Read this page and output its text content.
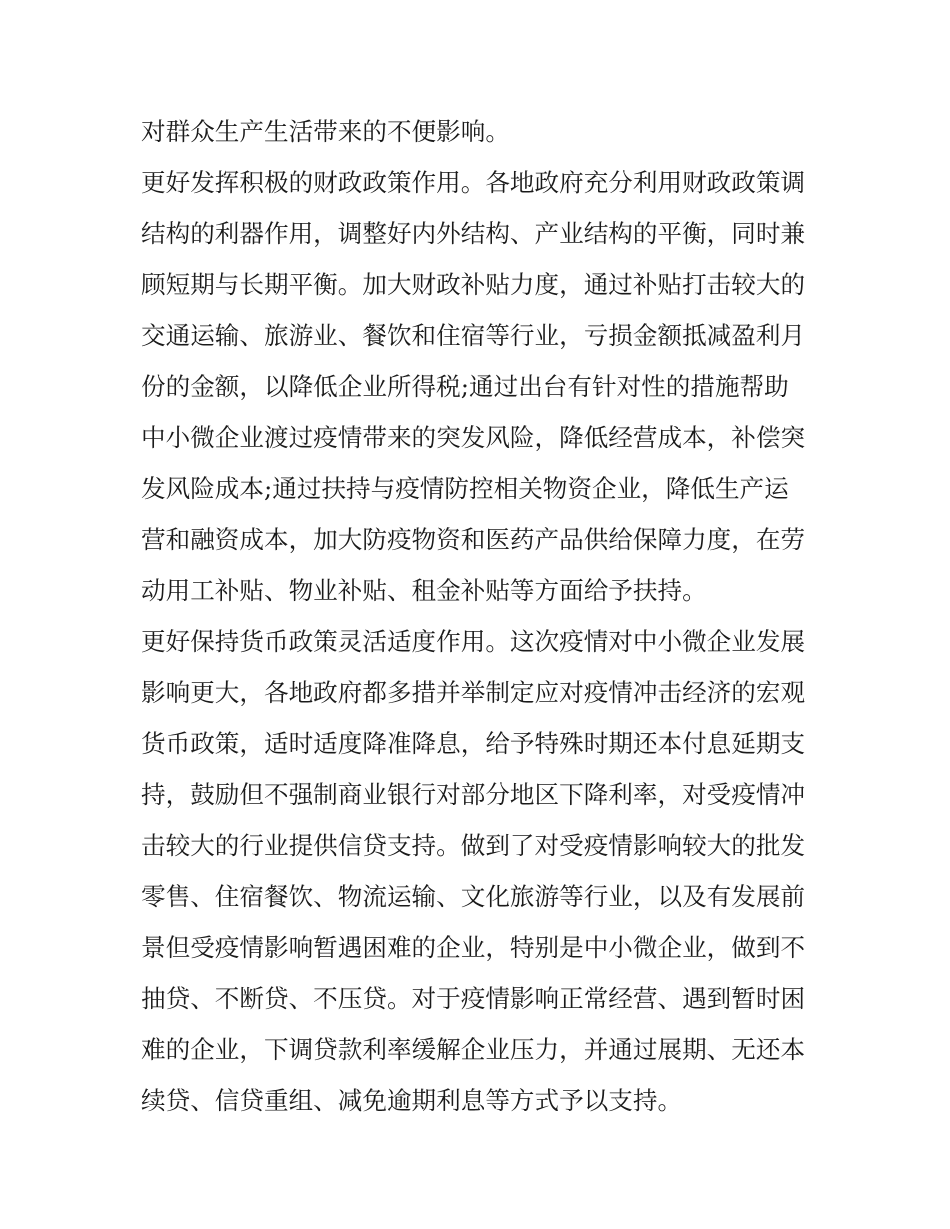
对群众生产生活带来的不便影响。
更好发挥积极的财政政策作用。各地政府充分利用财政政策调
结构的利器作用，调整好内外结构、产业结构的平衡，同时兼
顾短期与长期平衡。加大财政补贴力度，通过补贴打击较大的
交通运输、旅游业、餐饮和住宿等行业，亏损金额抵减盈利月
份的金额，以降低企业所得税;通过出台有针对性的措施帮助
中小微企业渡过疫情带来的突发风险，降低经营成本，补偿突
发风险成本;通过扶持与疫情防控相关物资企业，降低生产运
营和融资成本，加大防疫物资和医药产品供给保障力度，在劳
动用工补贴、物业补贴、租金补贴等方面给予扶持。
更好保持货币政策灵活适度作用。这次疫情对中小微企业发展
影响更大，各地政府都多措并举制定应对疫情冲击经济的宏观
货币政策，适时适度降准降息，给予特殊时期还本付息延期支
持，鼓励但不强制商业银行对部分地区下降利率，对受疫情冲
击较大的行业提供信贷支持。做到了对受疫情影响较大的批发
零售、住宿餐饮、物流运输、文化旅游等行业，以及有发展前
景但受疫情影响暂遇困难的企业，特别是中小微企业，做到不
抽贷、不断贷、不压贷。对于疫情影响正常经营、遇到暂时困
难的企业，下调贷款利率缓解企业压力，并通过展期、无还本
续贷、信贷重组、减免逾期利息等方式予以支持。
